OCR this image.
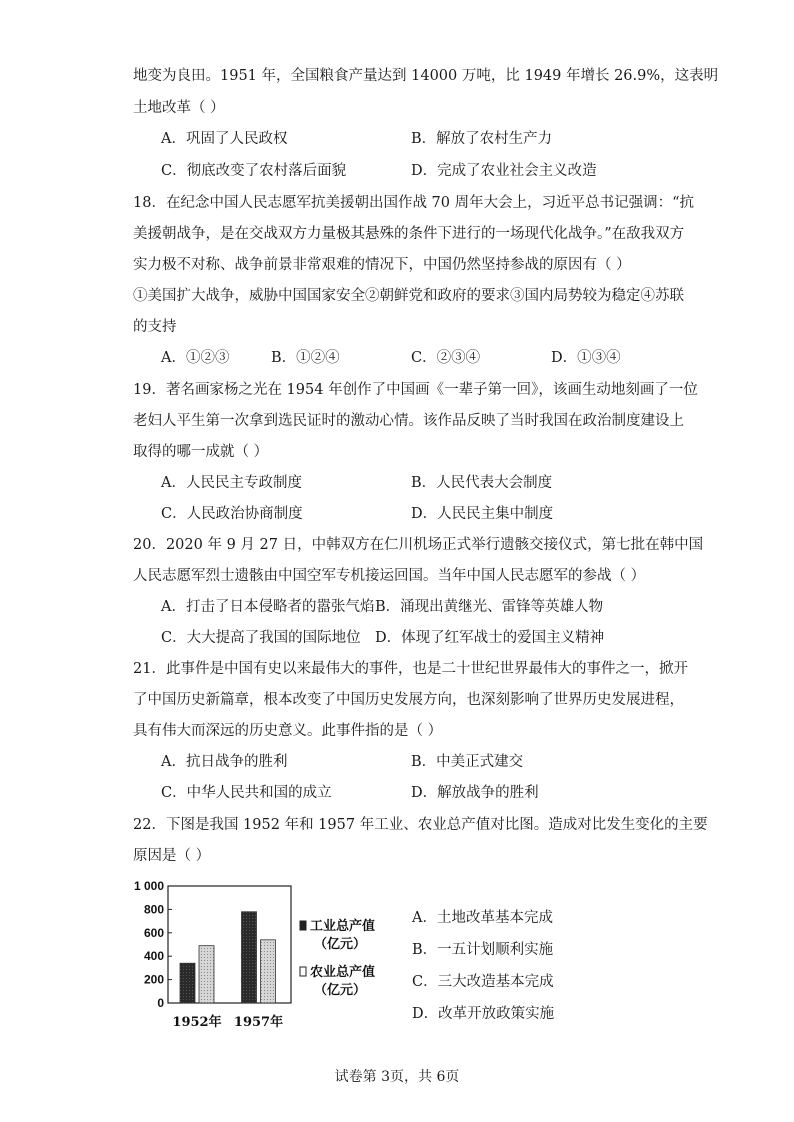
地变为良田。1951 年，全国粮食产量达到 14000 万吨，比 1949 年增长 26.9%，这表明
土地改革（ ）
A．巩固了人民政权	B．解放了农村生产力
C．彻底改变了农村落后面貌	D．完成了农业社会主义改造
18．在纪念中国人民志愿军抗美援朝出国作战 70 周年大会上，习近平总书记强调：“抗
美援朝战争，是在交战双方力量极其悬殊的条件下进行的一场现代化战争。”在敌我双方
实力极不对称、战争前景非常艰难的情况下，中国仍然坚持参战的原因有（ ）
①美国扩大战争，威胁中国国家安全②朝鲜党和政府的要求③国内局势较为稳定④苏联
的支持
A．①②③	B．①②④	C．②③④	D．①③④
19．著名画家杨之光在 1954 年创作了中国画《一辈子第一回》，该画生动地刻画了一位
老妇人平生第一次拿到选民证时的激动心情。该作品反映了当时我国在政治制度建设上
取得的哪一成就（ ）
A．人民民主专政制度	B．人民代表大会制度
C．人民政治协商制度	D．人民民主集中制度
20．2020 年 9 月 27 日，中韩双方在仁川机场正式举行遗骸交接仪式，第七批在韩中国
人民志愿军烈士遗骸由中国空军专机接运回国。当年中国人民志愿军的参战（ ）
A．打击了日本侵略者的嚣张气焰 B．涌现出黄继光、雷锋等英雄人物
C．大大提高了我国的国际地位 D．体现了红军战士的爱国主义精神
21．此事件是中国有史以来最伟大的事件，也是二十世纪世界最伟大的事件之一，掀开
了中国历史新篇章，根本改变了中国历史发展方向，也深刻影响了世界历史发展进程，
具有伟大而深远的历史意义。此事件指的是（ ）
A．抗日战争的胜利	B．中美正式建交
C．中华人民共和国的成立	D．解放战争的胜利
22．下图是我国 1952 年和 1957 年工业、农业总产值对比图。造成对比发生变化的主要
原因是（ ）
0
200
400
600
800
1 000
1952年 1957年
工业总产值
（亿元）
农业总产值
（亿元）
A．土地改革基本完成
B．一五计划顺利实施
C．三大改造基本完成
D．改革开放政策实施
试卷第 3页，共 6页
